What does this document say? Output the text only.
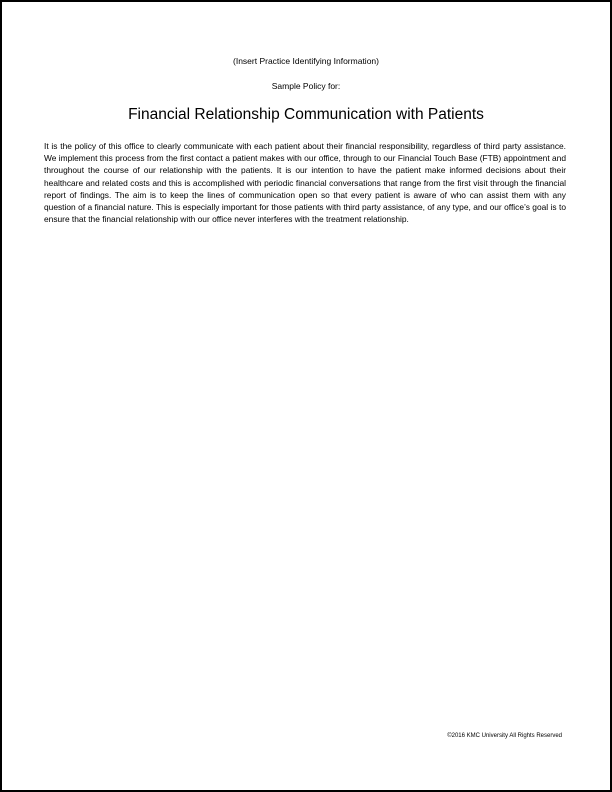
(Insert Practice Identifying Information)
Sample Policy for:
Financial Relationship Communication with Patients

It is the policy of this office to clearly communicate with each patient about their financial responsibility, regardless of third party assistance. We implement this process from the first contact a patient makes with our office, through to our Financial Touch Base (FTB) appointment and throughout the course of our relationship with the patients. It is our intention to have the patient make informed decisions about their healthcare and related costs and this is accomplished with periodic financial conversations that range from the first visit through the financial report of findings. The aim is to keep the lines of communication open so that every patient is aware of who can assist them with any question of a financial nature. This is especially important for those patients with third party assistance, of any type, and our office’s goal is to ensure that the financial relationship with our office never interferes with the treatment relationship.

©2016 KMC University All Rights Reserved
